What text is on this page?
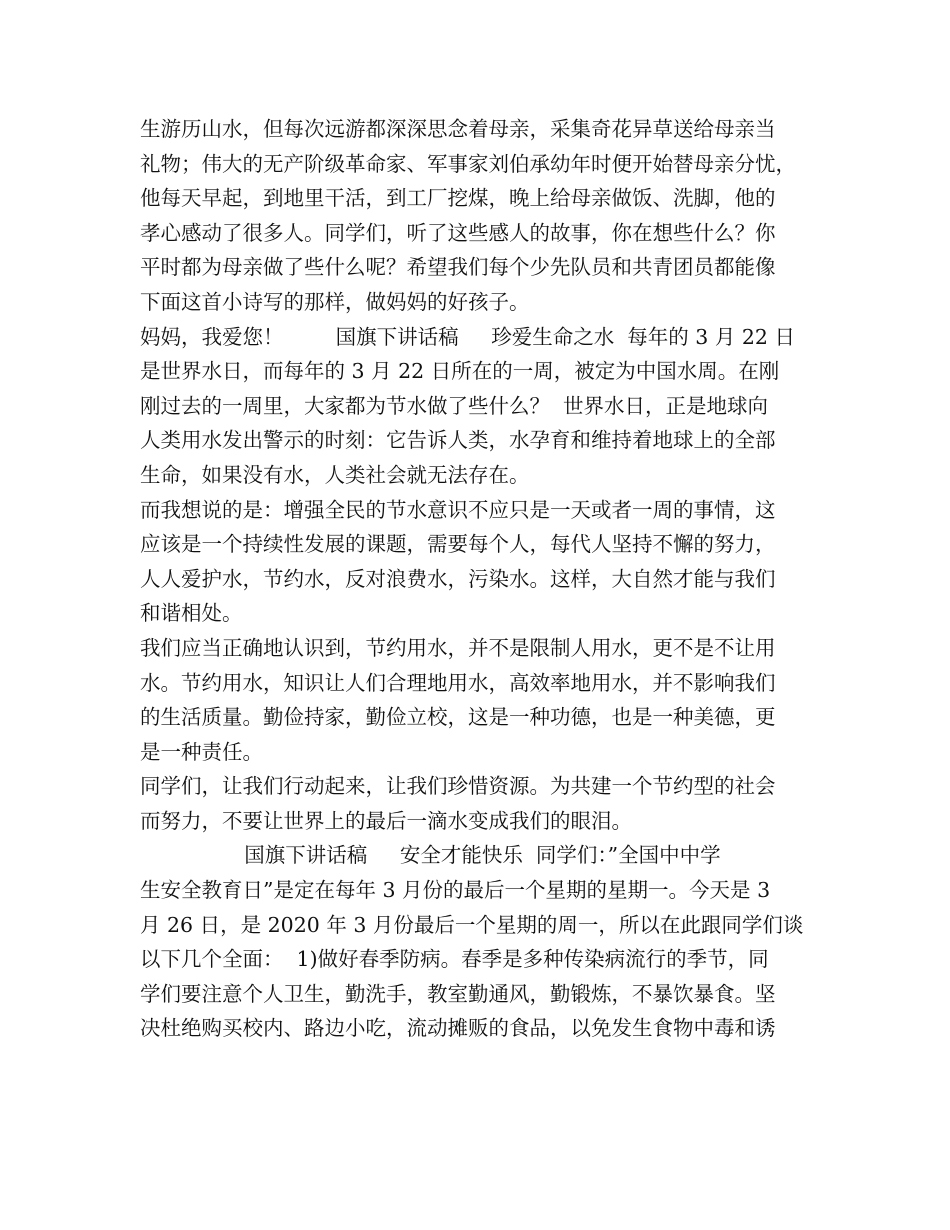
生游历山水，但每次远游都深深思念着母亲，采集奇花异草送给母亲当
礼物；伟大的无产阶级革命家、军事家刘伯承幼年时便开始替母亲分忧，
他每天早起，到地里干活，到工厂挖煤，晚上给母亲做饭、洗脚，他的
孝心感动了很多人。同学们，听了这些感人的故事，你在想些什么？你
平时都为母亲做了些什么呢？希望我们每个少先队员和共青团员都能像
下面这首小诗写的那样，做妈妈的好孩子。
妈妈，我爱您！        国旗下讲话稿     珍爱生命之水  每年的 3 月 22 日
是世界水日，而每年的 3 月 22 日所在的一周，被定为中国水周。在刚
刚过去的一周里，大家都为节水做了些什么？  世界水日，正是地球向
人类用水发出警示的时刻：它告诉人类，水孕育和维持着地球上的全部
生命，如果没有水，人类社会就无法存在。
而我想说的是：增强全民的节水意识不应只是一天或者一周的事情，这
应该是一个持续性发展的课题，需要每个人，每代人坚持不懈的努力，
人人爱护水，节约水，反对浪费水，污染水。这样，大自然才能与我们
和谐相处。
我们应当正确地认识到，节约用水，并不是限制人用水，更不是不让用
水。节约用水，知识让人们合理地用水，高效率地用水，并不影响我们
的生活质量。勤俭持家，勤俭立校，这是一种功德，也是一种美德，更
是一种责任。
同学们，让我们行动起来，让我们珍惜资源。为共建一个节约型的社会
而努力，不要让世界上的最后一滴水变成我们的眼泪。
国旗下讲话稿     安全才能快乐  同学们：”全国中中学
生安全教育日”是定在每年 3 月份的最后一个星期的星期一。今天是 3
月 26 日，是 2020 年 3 月份最后一个星期的周一，所以在此跟同学们谈
以下几个全面：  1)做好春季防病。春季是多种传染病流行的季节，同
学们要注意个人卫生，勤洗手，教室勤通风，勤锻炼，不暴饮暴食。坚
决杜绝购买校内、路边小吃，流动摊贩的食品，以免发生食物中毒和诱
